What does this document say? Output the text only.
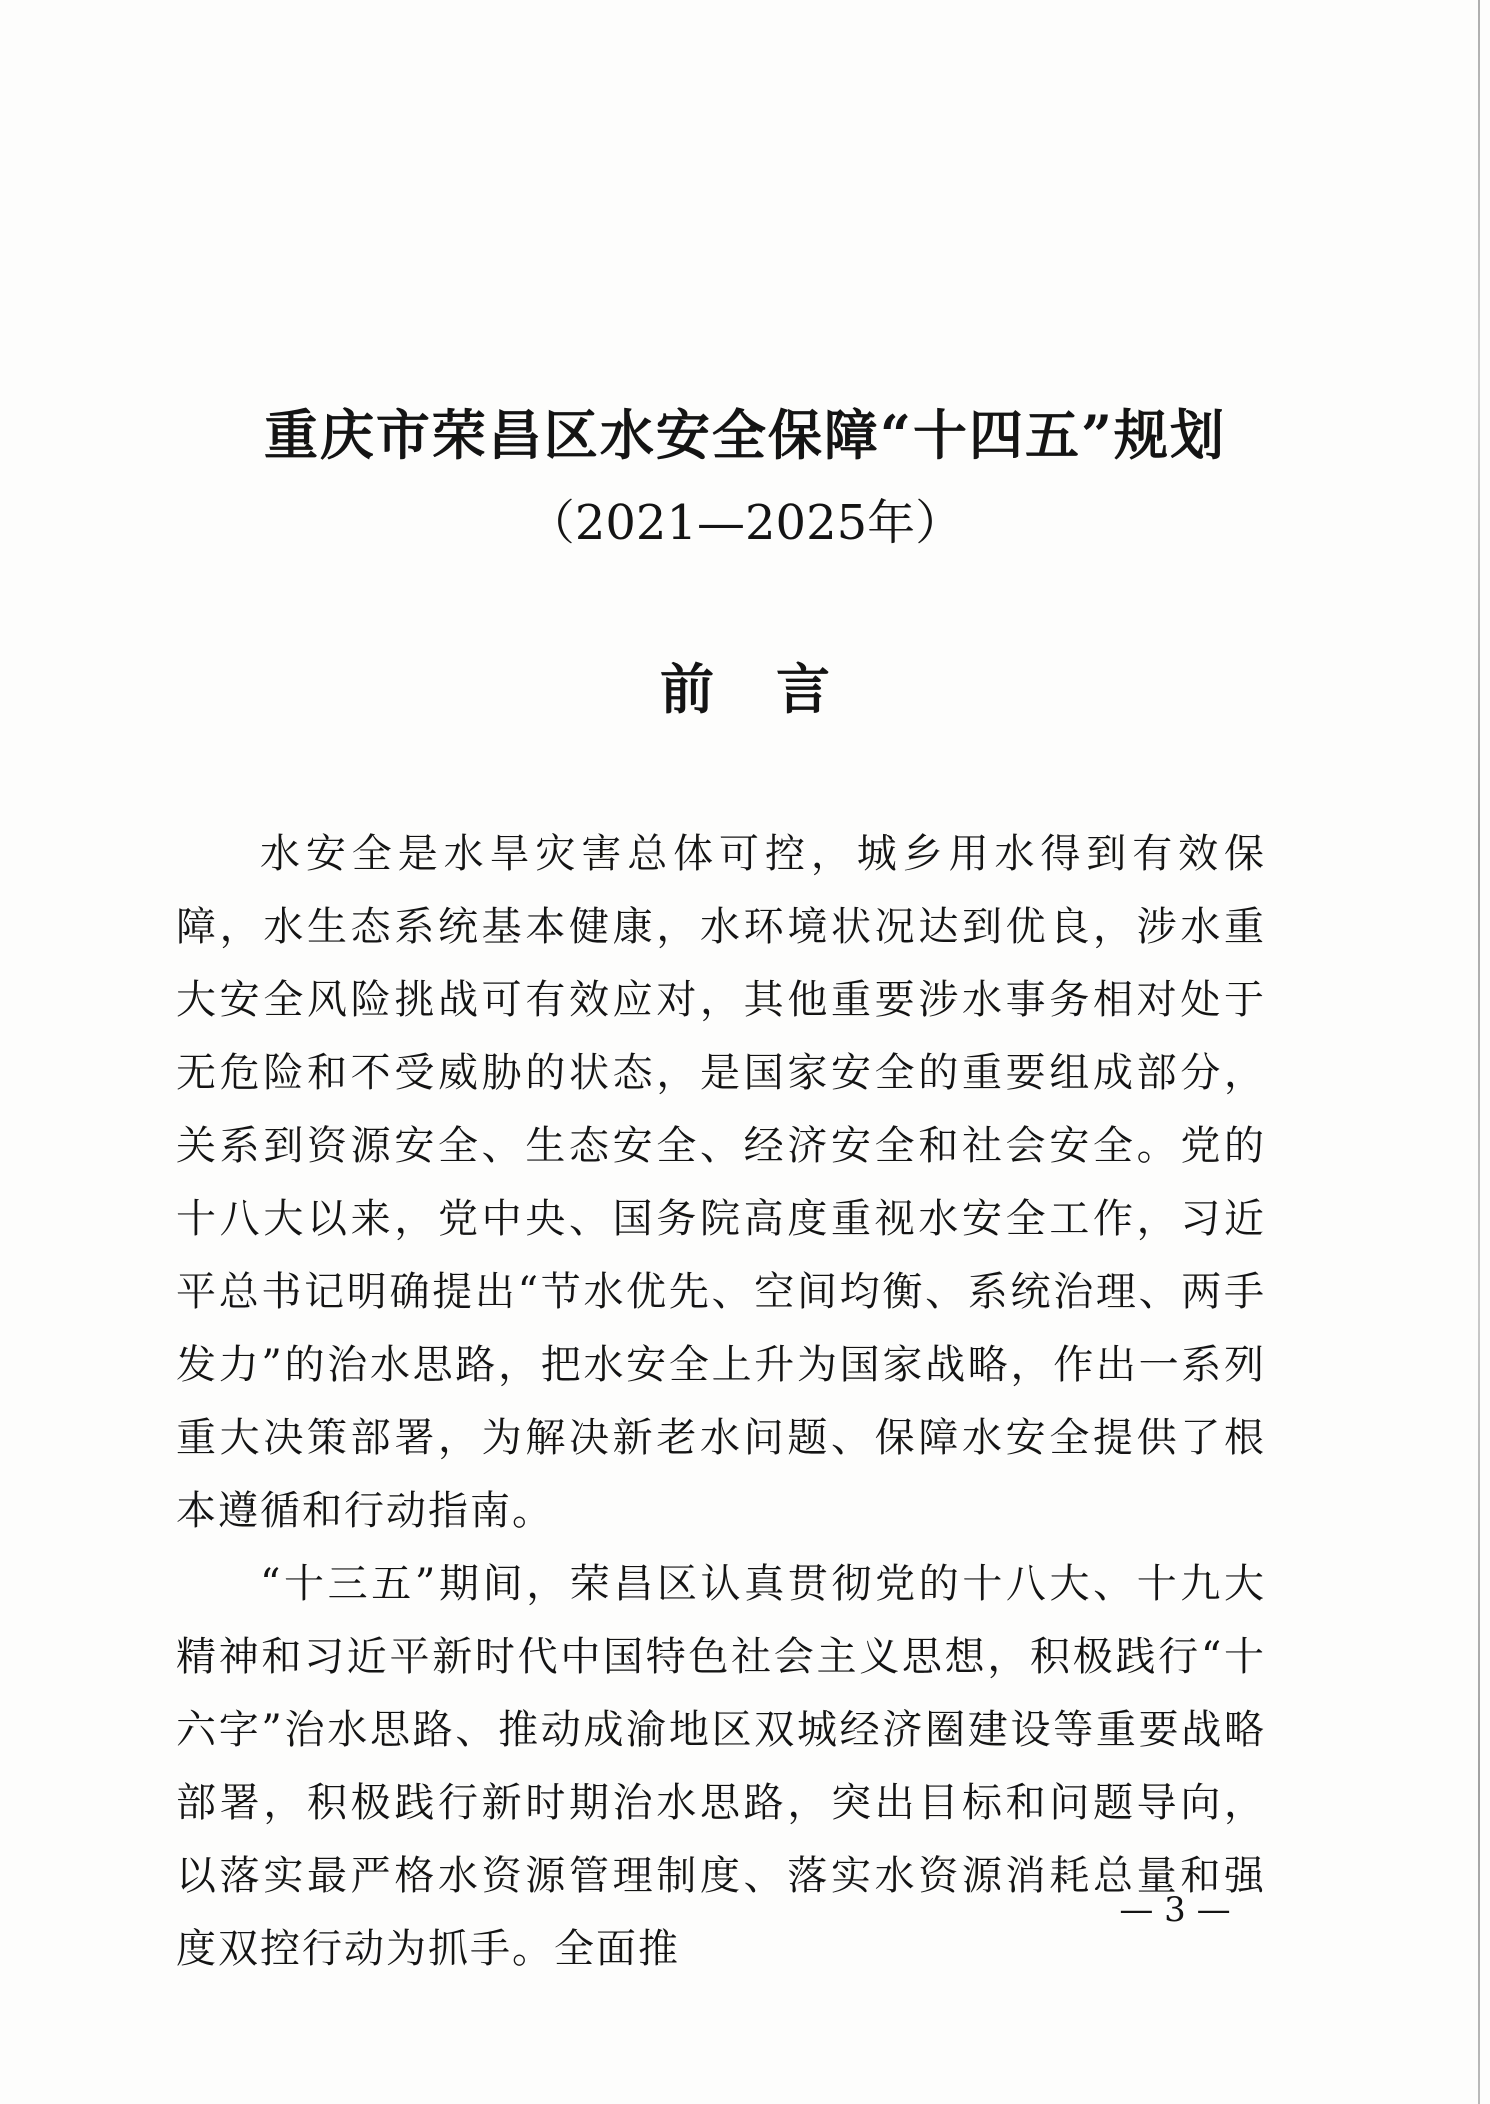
重庆市荣昌区水安全保障“十四五”规划

（2021—2025年）

前言

水安全是水旱灾害总体可控，城乡用水得到有效保障，水生态系统基本健康，水环境状况达到优良，涉水重大安全风险挑战可有效应对，其他重要涉水事务相对处于无危险和不受威胁的状态，是国家安全的重要组成部分，关系到资源安全、生态安全、经济安全和社会安全。党的十八大以来，党中央、国务院高度重视水安全工作，习近平总书记明确提出“节水优先、空间均衡、系统治理、两手发力”的治水思路，把水安全上升为国家战略，作出一系列重大决策部署，为解决新老水问题、保障水安全提供了根本遵循和行动指南。

“十三五”期间，荣昌区认真贯彻党的十八大、十九大精神和习近平新时代中国特色社会主义思想，积极践行“十六字”治水思路、推动成渝地区双城经济圈建设等重要战略部署，积极践行新时期治水思路，突出目标和问题导向，以落实最严格水资源管理制度、落实水资源消耗总量和强度双控行动为抓手。全面推

— 3 —
